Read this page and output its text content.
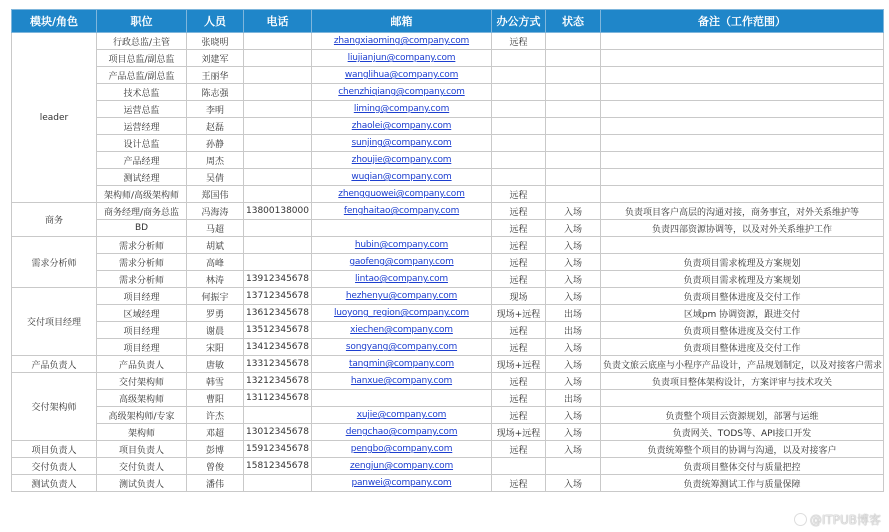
模块/角色	职位	人员	电话	邮箱	办公方式	状态	备注（工作范围）
leader	行政总监/主管	张晓明		zhangxiaoming@company.com	远程		
	项目总监/副总监	刘建军		liujianjun@company.com			
	产品总监/副总监	王丽华		wanglihua@company.com			
	技术总监	陈志强		chenzhiqiang@company.com			
	运营总监	李明		liming@company.com			
	运营经理	赵磊		zhaolei@company.com			
	设计总监	孙静		sunjing@company.com			
	产品经理	周杰		zhoujie@company.com			
	测试经理	吴倩		wuqian@company.com			
	架构师/高级架构师	郑国伟		zhengguowei@company.com	远程		
商务	商务经理/商务总监	冯海涛	13800138000	fenghaitao@company.com	远程	入场	负责项目客户高层的沟通对接，商务事宜，对外关系维护等
	BD	马超			远程	入场	负责四部资源协调等，以及对外关系维护工作
需求分析师	需求分析师	胡斌		hubin@company.com	远程	入场	
	需求分析师	高峰		gaofeng@company.com	远程	入场	负责项目需求梳理及方案规划
	需求分析师	林涛	13912345678	lintao@company.com	远程	入场	负责项目需求梳理及方案规划
交付项目经理	项目经理	何振宇	13712345678	hezhenyu@company.com	现场	入场	负责项目整体进度及交付工作
	区域经理	罗勇	13612345678	luoyong_region@company.com	现场+远程	出场	区域pm 协调资源，跟进交付
	项目经理	谢晨	13512345678	xiechen@company.com	远程	出场	负责项目整体进度及交付工作
	项目经理	宋阳	13412345678	songyang@company.com	远程	入场	负责项目整体进度及交付工作
产品负责人	产品负责人	唐敏	13312345678	tangmin@company.com	现场+远程	入场	负责文旅云底座与小程序产品设计，产品规划制定，以及对接客户需求
交付架构师	交付架构师	韩雪	13212345678	hanxue@company.com	远程	入场	负责项目整体架构设计，方案评审与技术攻关
	高级架构师	曹阳	13112345678		远程	出场	
	高级架构师/专家	许杰		xujie@company.com	远程	入场	负责整个项目云资源规划，部署与运维
	架构师	邓超	13012345678	dengchao@company.com	现场+远程	入场	负责网关、TODS等、API接口开发
项目负责人	项目负责人	彭博	15912345678	pengbo@company.com	远程	入场	负责统筹整个项目的协调与沟通，以及对接客户
交付负责人	交付负责人	曾俊	15812345678	zengjun@company.com			负责项目整体交付与质量把控
测试负责人	测试负责人	潘伟		panwei@company.com	远程	入场	负责统筹测试工作与质量保障
@ITPUB博客
